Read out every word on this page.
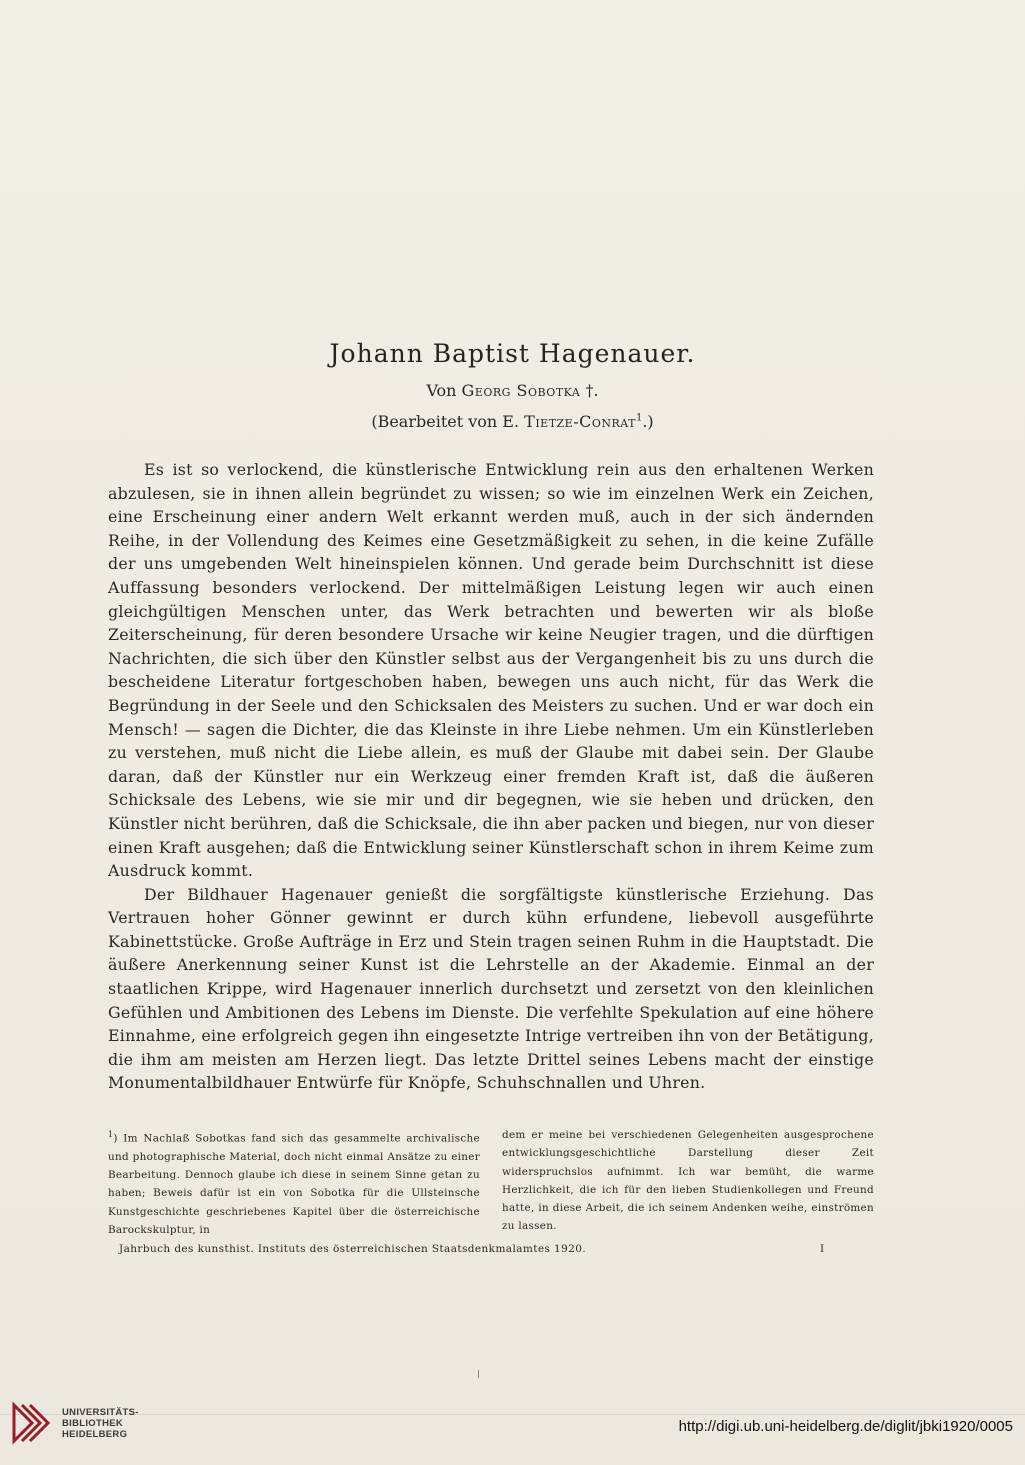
Johann Baptist Hagenauer.
Von Georg Sobotka †.
(Bearbeitet von E. Tietze-Conrat$^1$.)

Es ist so verlockend, die künstlerische Entwicklung rein aus den erhaltenen Werken abzulesen, sie in ihnen allein begründet zu wissen; so wie im einzelnen Werk ein Zeichen, eine Erscheinung einer andern Welt erkannt werden muß, auch in der sich ändernden Reihe, in der Vollendung des Keimes eine Gesetzmäßigkeit zu sehen, in die keine Zufälle der uns umgebenden Welt hineinspielen können. Und gerade beim Durchschnitt ist diese Auffassung besonders verlockend. Der mittelmäßigen Leistung legen wir auch einen gleichgültigen Menschen unter, das Werk betrachten und bewerten wir als bloße Zeiterscheinung, für deren besondere Ursache wir keine Neugier tragen, und die dürftigen Nachrichten, die sich über den Künstler selbst aus der Vergangenheit bis zu uns durch die bescheidene Literatur fortgeschoben haben, bewegen uns auch nicht, für das Werk die Begründung in der Seele und den Schicksalen des Meisters zu suchen. Und er war doch ein Mensch! — sagen die Dichter, die das Kleinste in ihre Liebe nehmen. Um ein Künstlerleben zu verstehen, muß nicht die Liebe allein, es muß der Glaube mit dabei sein. Der Glaube daran, daß der Künstler nur ein Werkzeug einer fremden Kraft ist, daß die äußeren Schicksale des Lebens, wie sie mir und dir begegnen, wie sie heben und drücken, den Künstler nicht berühren, daß die Schicksale, die ihn aber packen und biegen, nur von dieser einen Kraft ausgehen; daß die Entwicklung seiner Künstlerschaft schon in ihrem Keime zum Ausdruck kommt.

Der Bildhauer Hagenauer genießt die sorgfältigste künstlerische Erziehung. Das Vertrauen hoher Gönner gewinnt er durch kühn erfundene, liebevoll ausgeführte Kabinettstücke. Große Aufträge in Erz und Stein tragen seinen Ruhm in die Hauptstadt. Die äußere Anerkennung seiner Kunst ist die Lehrstelle an der Akademie. Einmal an der staatlichen Krippe, wird Hagenauer innerlich durchsetzt und zersetzt von den kleinlichen Gefühlen und Ambitionen des Lebens im Dienste. Die verfehlte Spekulation auf eine höhere Einnahme, eine erfolgreich gegen ihn eingesetzte Intrige vertreiben ihn von der Betätigung, die ihm am meisten am Herzen liegt. Das letzte Drittel seines Lebens macht der einstige Monumentalbildhauer Entwürfe für Knöpfe, Schuhschnallen und Uhren.

$^1$) Im Nachlaß Sobotkas fand sich das gesammelte archivalische und photographische Material, doch nicht einmal Ansätze zu einer Bearbeitung. Dennoch glaube ich diese in seinem Sinne getan zu haben; Beweis dafür ist ein von Sobotka für die Ullsteinsche Kunstgeschichte geschriebenes Kapitel über die österreichische Barockskulptur, in
dem er meine bei verschiedenen Gelegenheiten ausgesprochene entwicklungsgeschichtliche Darstellung dieser Zeit widerspruchslos aufnimmt. Ich war bemüht, die warme Herzlichkeit, die ich für den lieben Studienkollegen und Freund hatte, in diese Arbeit, die ich seinem Andenken weihe, einströmen zu lassen.
Jahrbuch des kunsthist. Instituts des österreichischen Staatsdenkmalamtes 1920.	I
UNIVERSITÄTS-
BIBLIOTHEK
HEIDELBERG	http://digi.ub.uni-heidelberg.de/diglit/jbki1920/0005
